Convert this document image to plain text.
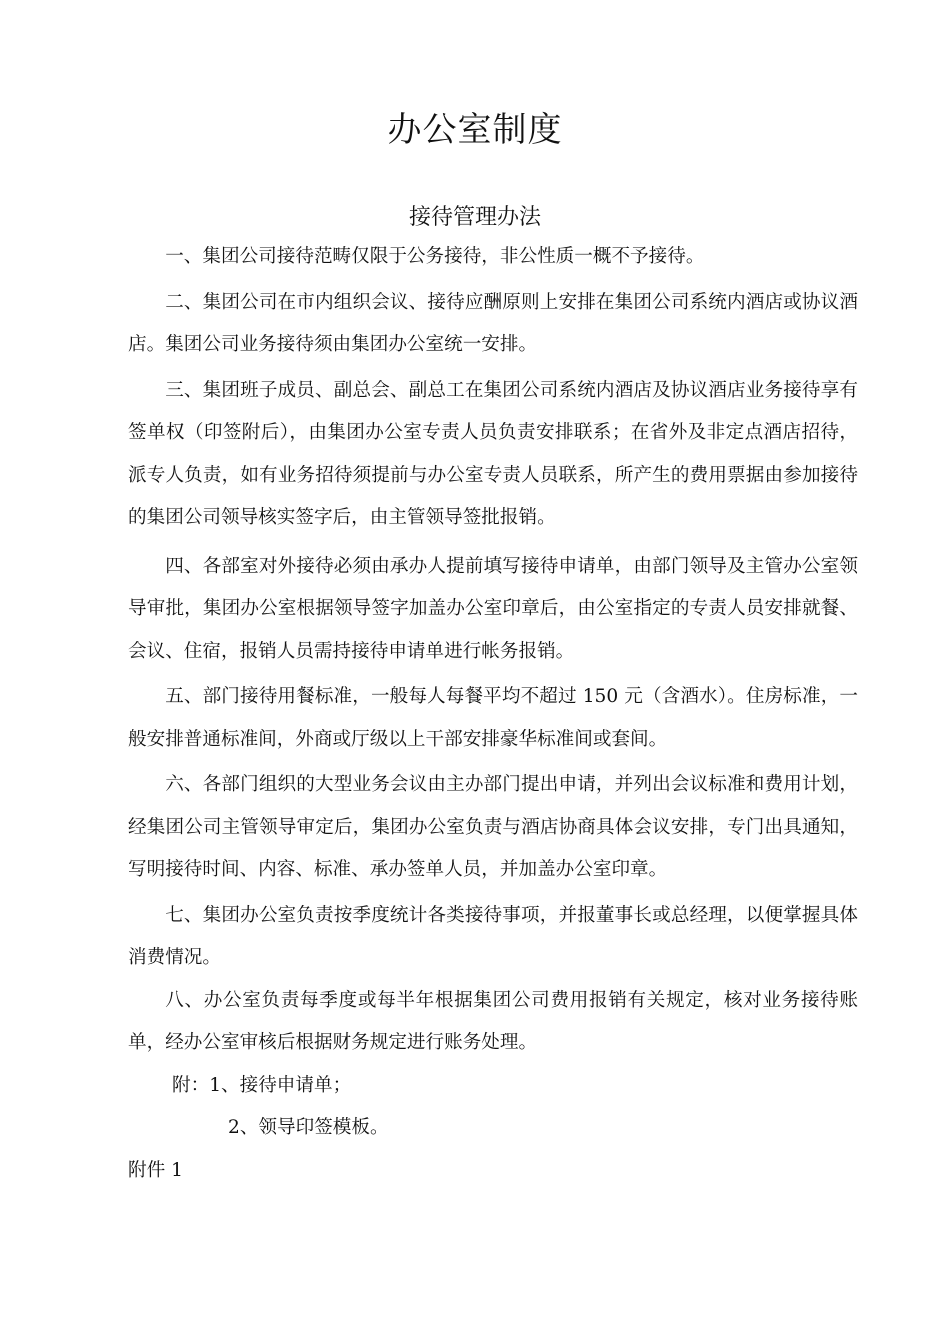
办公室制度
接待管理办法

一、集团公司接待范畴仅限于公务接待，非公性质一概不予接待。

二、集团公司在市内组织会议、接待应酬原则上安排在集团公司系统内酒店或协议酒店。集团公司业务接待须由集团办公室统一安排。

三、集团班子成员、副总会、副总工在集团公司系统内酒店及协议酒店业务接待享有签单权（印签附后），由集团办公室专责人员负责安排联系；在省外及非定点酒店招待，派专人负责，如有业务招待须提前与办公室专责人员联系，所产生的费用票据由参加接待的集团公司领导核实签字后，由主管领导签批报销。

四、各部室对外接待必须由承办人提前填写接待申请单，由部门领导及主管办公室领导审批，集团办公室根据领导签字加盖办公室印章后，由公室指定的专责人员安排就餐、会议、住宿，报销人员需持接待申请单进行帐务报销。

五、部门接待用餐标准，一般每人每餐平均不超过 150 元（含酒水）。住房标准，一般安排普通标准间，外商或厅级以上干部安排豪华标准间或套间。

六、各部门组织的大型业务会议由主办部门提出申请，并列出会议标准和费用计划，经集团公司主管领导审定后，集团办公室负责与酒店协商具体会议安排，专门出具通知，写明接待时间、内容、标准、承办签单人员，并加盖办公室印章。

七、集团办公室负责按季度统计各类接待事项，并报董事长或总经理，以便掌握具体消费情况。

八、办公室负责每季度或每半年根据集团公司费用报销有关规定，核对业务接待账单，经办公室审核后根据财务规定进行账务处理。

附：1、接待申请单；

2、领导印签模板。

附件 1
